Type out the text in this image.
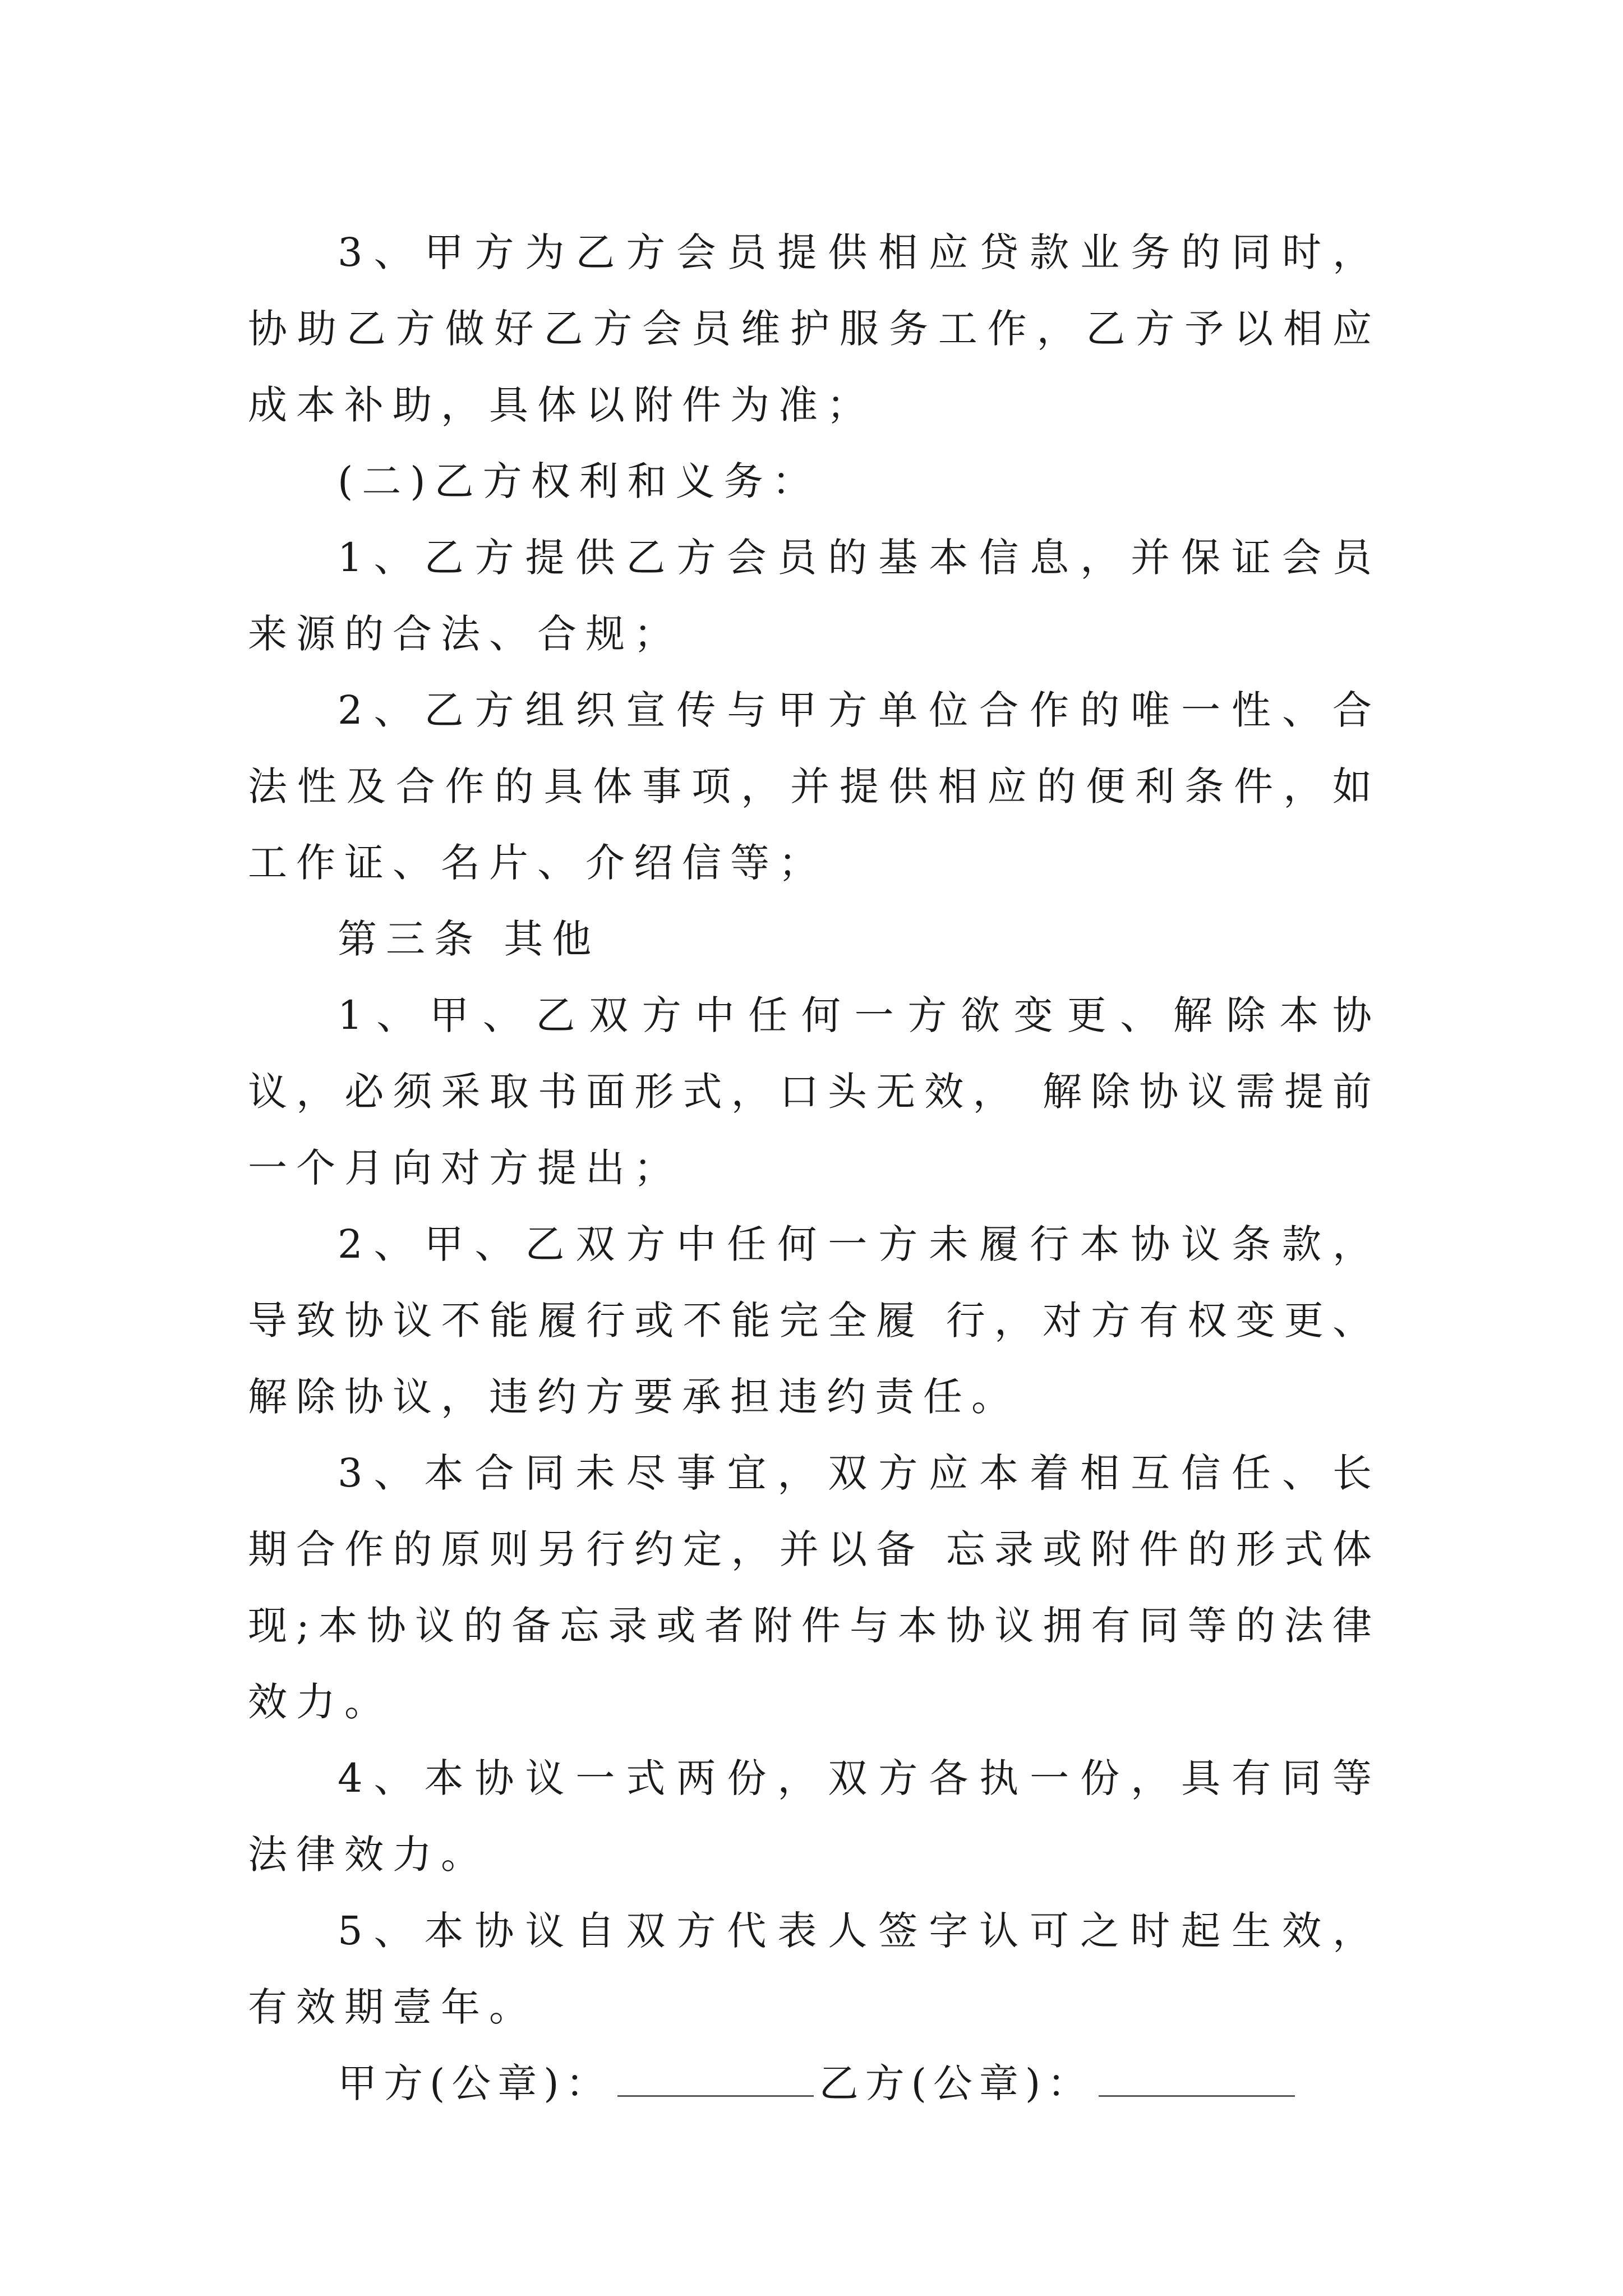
3、甲方为乙方会员提供相应贷款业务的同时，协助乙方做好乙方会员维护服务工作，乙方予以相应成本补助，具体以附件为准；

(二)乙方权利和义务：

1、乙方提供乙方会员的基本信息，并保证会员来源的合法、合规；

2、乙方组织宣传与甲方单位合作的唯一性、合法性及合作的具体事项，并提供相应的便利条件，如工作证、名片、介绍信等；

第三条 其他

1、甲、乙双方中任何一方欲变更、解除本协议，必须采取书面形式，口头无效， 解除协议需提前一个月向对方提出；

2、甲、乙双方中任何一方未履行本协议条款，导致协议不能履行或不能完全履 行，对方有权变更、解除协议，违约方要承担违约责任。

3、本合同未尽事宜，双方应本着相互信任、长期合作的原则另行约定，并以备 忘录或附件的形式体现;本协议的备忘录或者附件与本协议拥有同等的法律效力。

4、本协议一式两份，双方各执一份，具有同等法律效力。

5、本协议自双方代表人签字认可之时起生效，有效期壹年。

甲方(公章)：	乙方(公章)：
